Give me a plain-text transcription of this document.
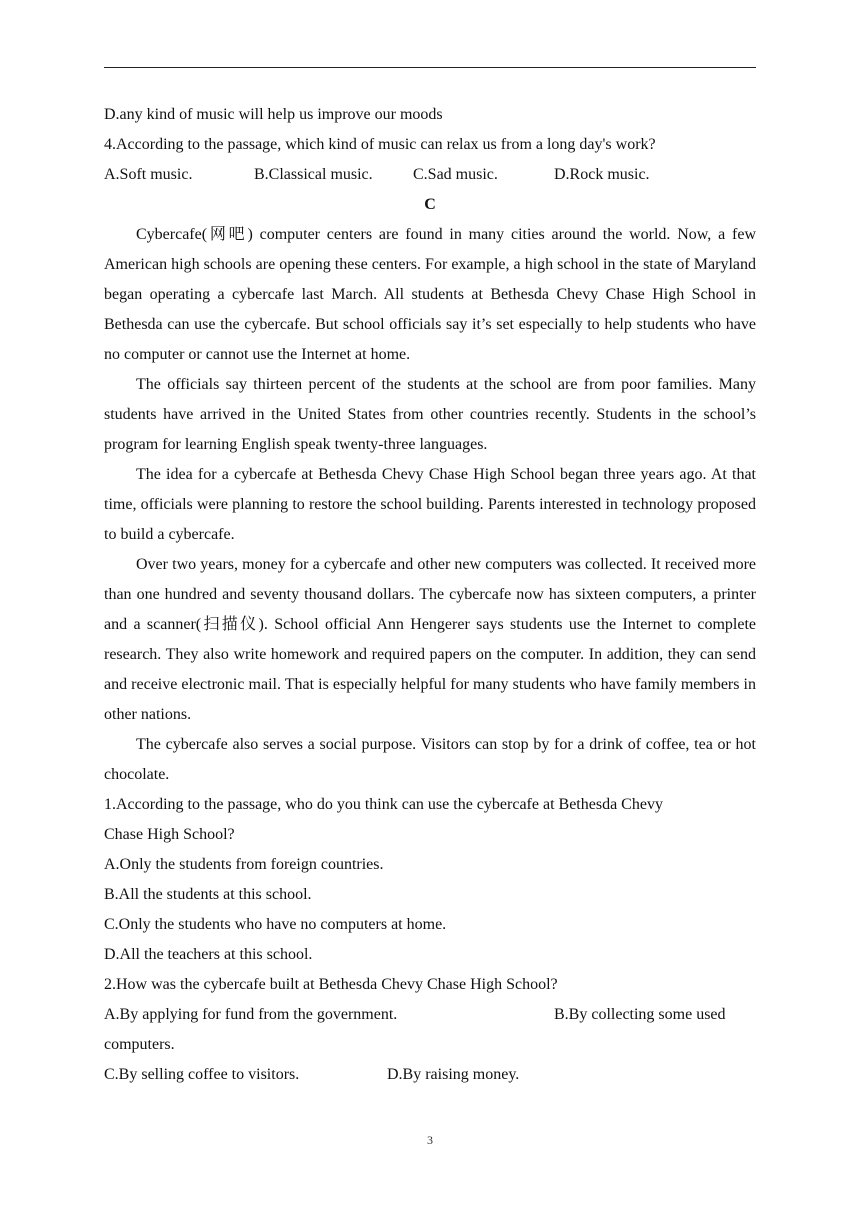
D.any kind of music will help us improve our moods
4.According to the passage, which kind of music can relax us from a long day's work?
A.Soft music.	B.Classical music.	C.Sad music.	D.Rock music.
C

Cybercafe(网吧) computer centers are found in many cities around the world. Now, a few American high schools are opening these centers. For example, a high school in the state of Maryland began operating a cybercafe last March. All students at Bethesda Chevy Chase High School in Bethesda can use the cybercafe. But school officials say it’s set especially to help students who have no computer or cannot use the Internet at home.

The officials say thirteen percent of the students at the school are from poor families. Many students have arrived in the United States from other countries recently. Students in the school’s program for learning English speak twenty-three languages.

The idea for a cybercafe at Bethesda Chevy Chase High School began three years ago. At that time, officials were planning to restore the school building. Parents interested in technology proposed to build a cybercafe.

Over two years, money for a cybercafe and other new computers was collected. It received more than one hundred and seventy thousand dollars. The cybercafe now has sixteen computers, a printer and a scanner(扫描仪). School official Ann Hengerer says students use the Internet to complete research. They also write homework and required papers on the computer. In addition, they can send and receive electronic mail. That is especially helpful for many students who have family members in other nations.

The cybercafe also serves a social purpose. Visitors can stop by for a drink of coffee, tea or hot chocolate.

1.According to the passage, who do you think can use the cybercafe at Bethesda Chevy
Chase High School?
A.Only the students from foreign countries.
B.All the students at this school.
C.Only the students who have no computers at home.
D.All the teachers at this school.
2.How was the cybercafe built at Bethesda Chevy Chase High School?
A.By applying for fund from the government.	B.By collecting some used
computers.
C.By selling coffee to visitors.	D.By raising money.
3
